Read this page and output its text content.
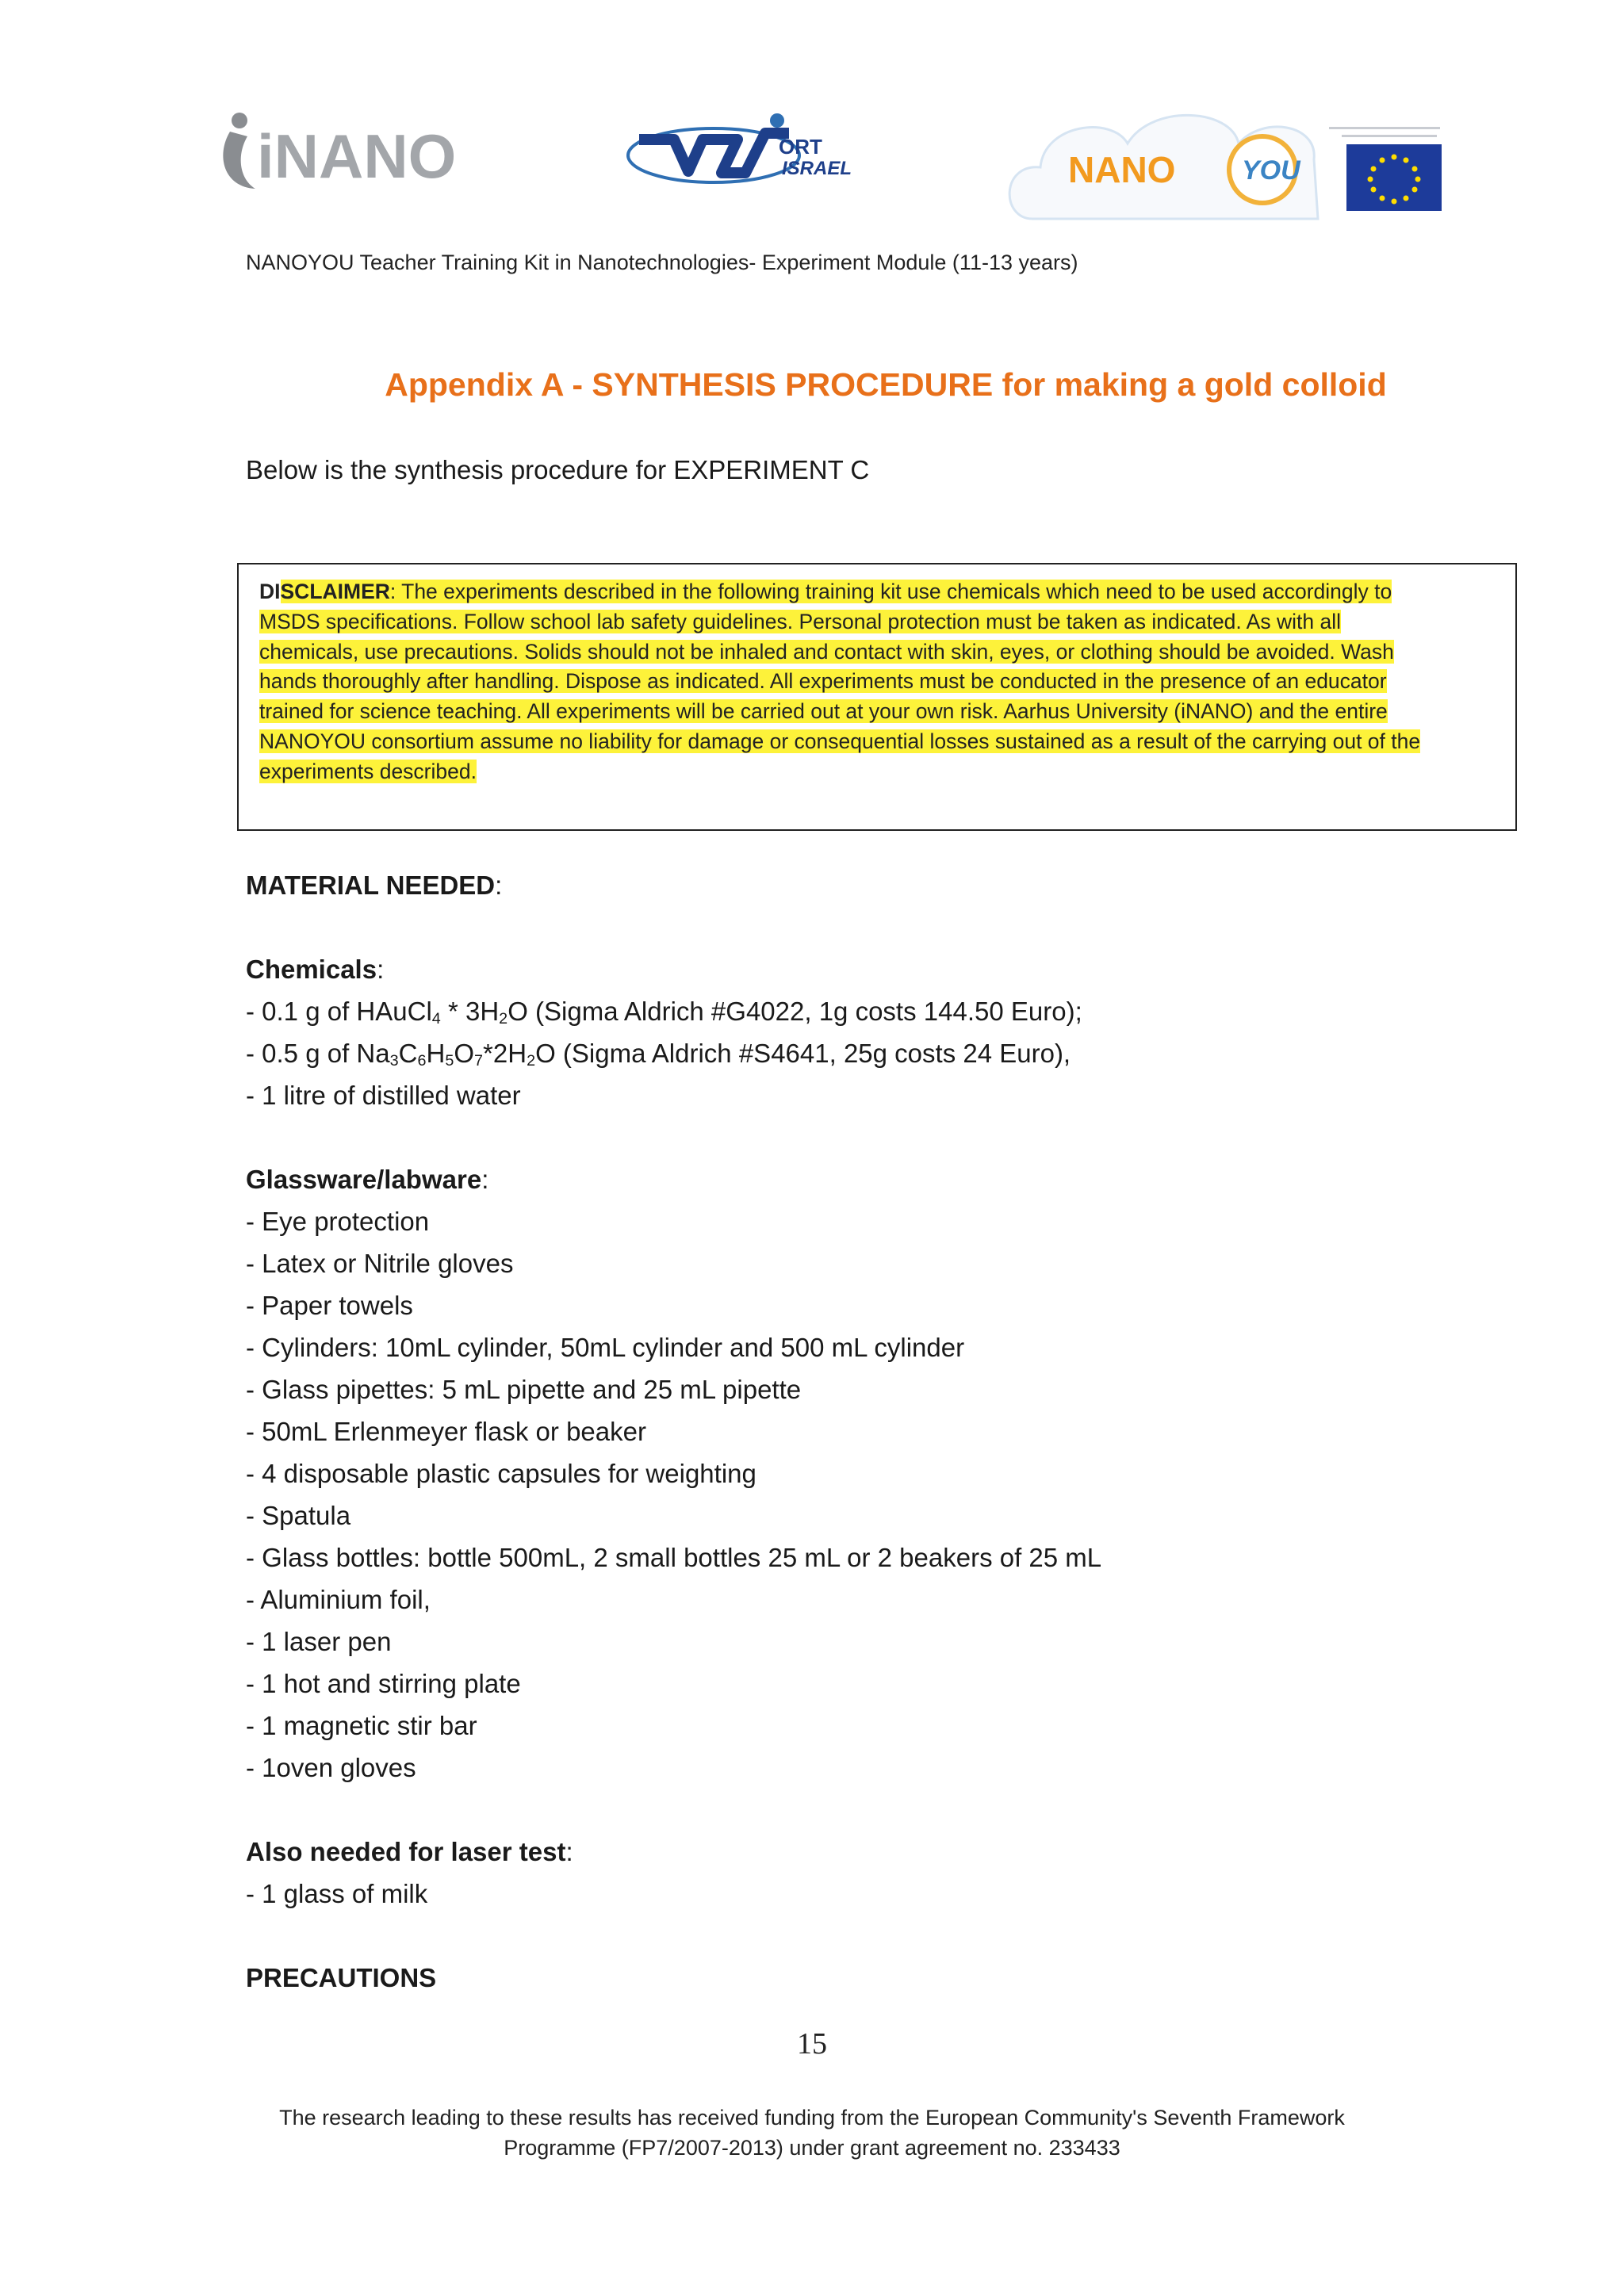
iNANO	ORT
ISRAEL	NANO YOU
NANOYOU Teacher Training Kit in Nanotechnologies- Experiment Module (11-13 years)
Appendix A - SYNTHESIS PROCEDURE for making a gold colloid
Below is the synthesis procedure for EXPERIMENT C
DISCLAIMER: The experiments described in the following training kit use chemicals which need to be used accordingly to
MSDS specifications. Follow school lab safety guidelines. Personal protection must be taken as indicated. As with all
chemicals, use precautions. Solids should not be inhaled and contact with skin, eyes, or clothing should be avoided. Wash
hands thoroughly after handling. Dispose as indicated. All experiments must be conducted in the presence of an educator
trained for science teaching. All experiments will be carried out at your own risk. Aarhus University (iNANO) and the entire
NANOYOU consortium assume no liability for damage or consequential losses sustained as a result of the carrying out of the
experiments described.
MATERIAL NEEDED:
Chemicals:
- 0.1 g of HAuCl$_4$ * $3H_2O$ (Sigma Aldrich #G4022, 1g costs 144.50 Euro);
- 0.5 g of $Na_3C_6H_5O_7*2H_2O$ (Sigma Aldrich #S4641, 25g costs 24 Euro),
- 1 litre of distilled water
Glassware/labware:
- Eye protection
- Latex or Nitrile gloves
- Paper towels
- Cylinders: 10mL cylinder, 50mL cylinder and 500 mL cylinder
- Glass pipettes: 5 mL pipette and 25 mL pipette
- 50mL Erlenmeyer flask or beaker
- 4 disposable plastic capsules for weighting
- Spatula
- Glass bottles: bottle 500mL, 2 small bottles 25 mL or 2 beakers of 25 mL
- Aluminium foil,
- 1 laser pen
- 1 hot and stirring plate
- 1 magnetic stir bar
- 1oven gloves
Also needed for laser test:
- 1 glass of milk
PRECAUTIONS
15
The research leading to these results has received funding from the European Community's Seventh Framework
Programme (FP7/2007-2013) under grant agreement no. 233433
